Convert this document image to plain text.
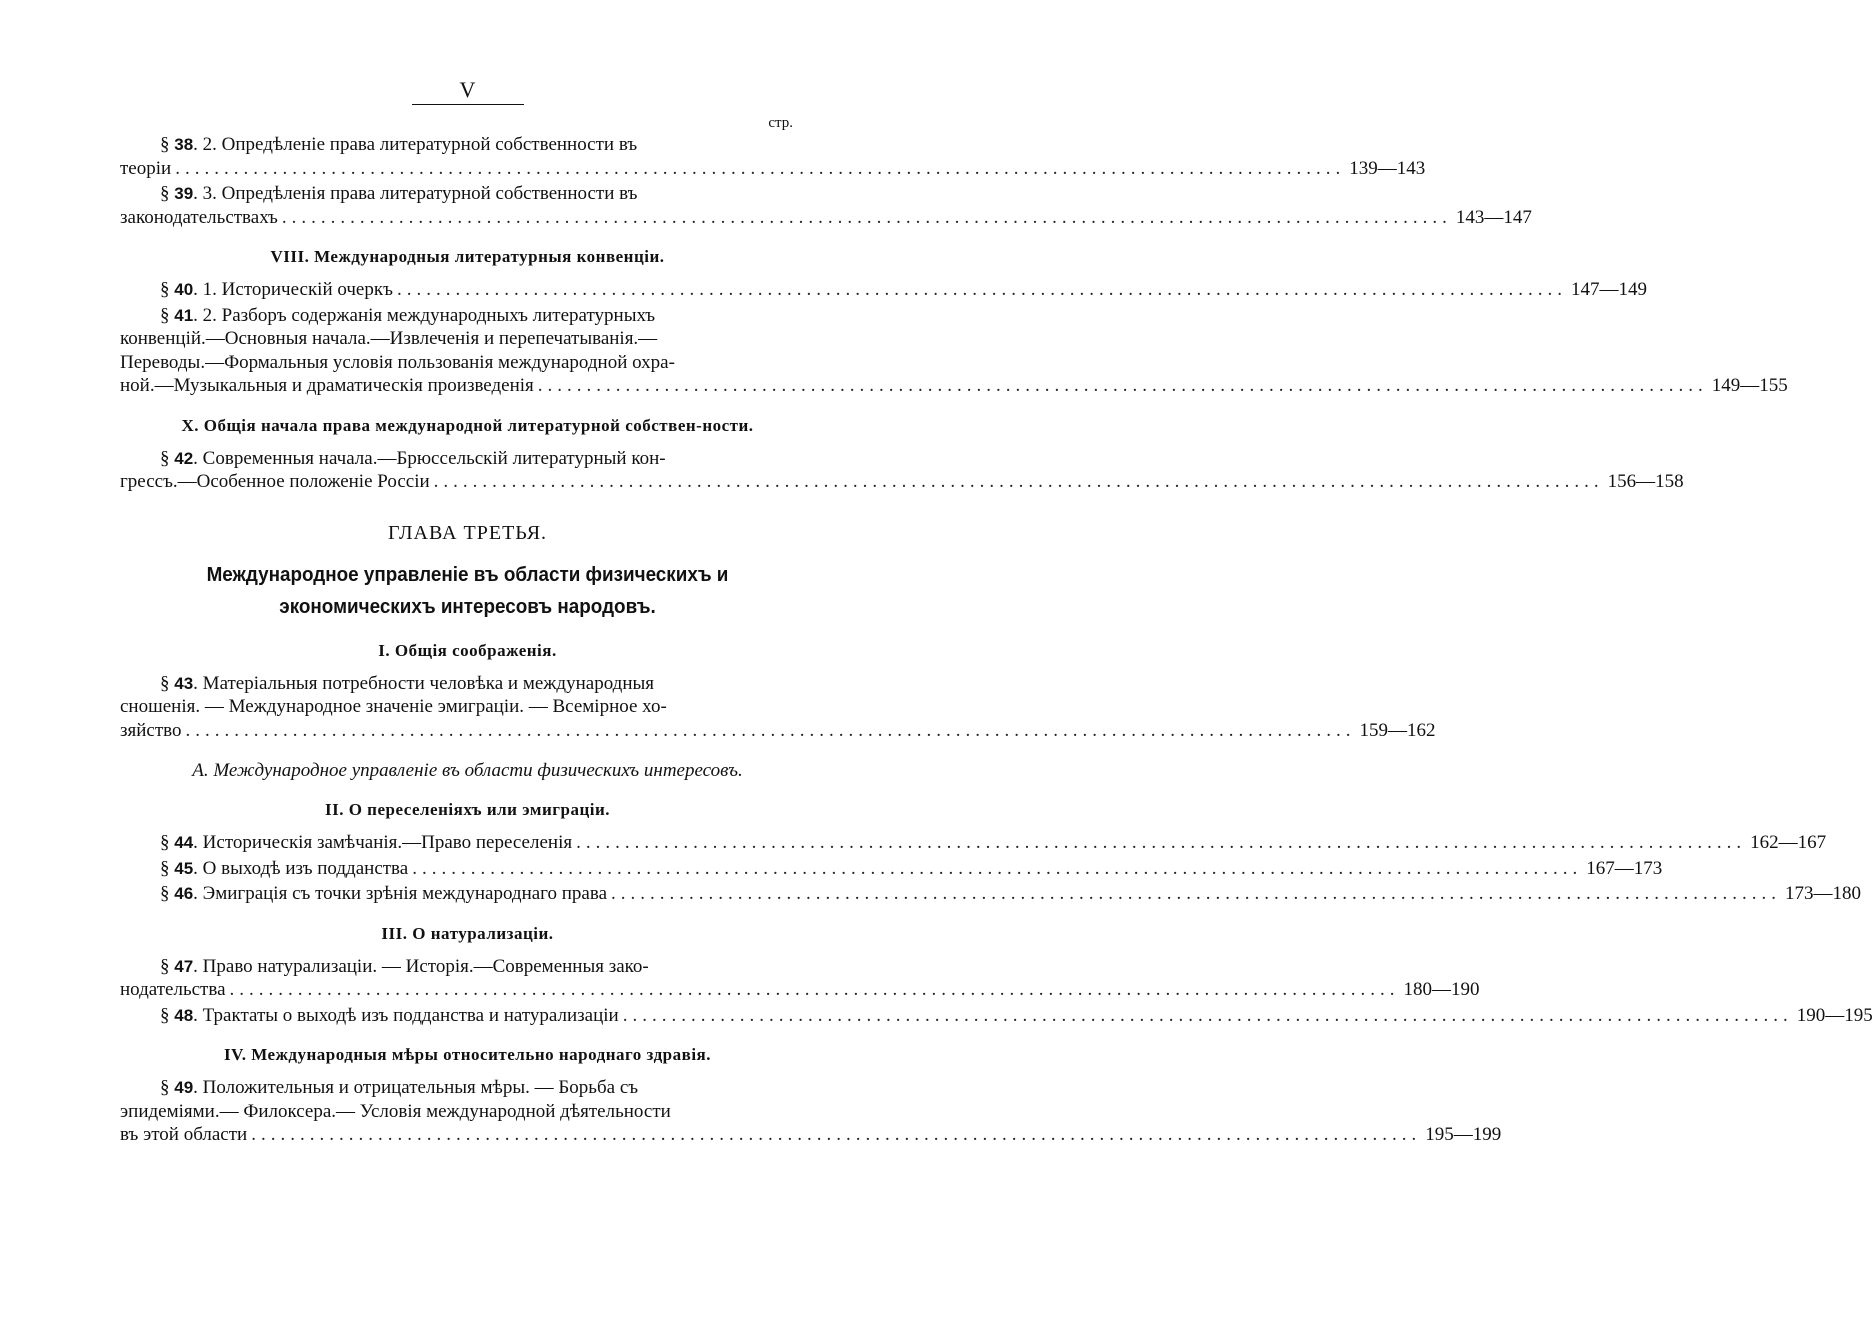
V
стр.
§ 38. 2. Опредѣленіе права литературной собственности въ
теоріи ........................................................................................................................ 139—143
§ 39. 3. Опредѣленія права литературной собственности въ
законодательствахъ ........................................................................................................................ 143—147
VIII. Международныя литературныя конвенціи.
§ 40. 1. Историческій очеркъ ........................................................................................................................ 147—149
§ 41. 2. Разборъ содержанія международныхъ литературныхъ
конвенцій.—Основныя начала.—Извлеченія и перепечатыванія.—
Переводы.—Формальныя условія пользованія международной охра-
ной.—Музыкальныя и драматическія произведенія ........................................................................................................................ 149—155
X. Общія начала права международной литературной собствен-ности.
§ 42. Современныя начала.—Брюссельскій литературный кон-
грессъ.—Особенное положеніе Россіи ........................................................................................................................ 156—158
ГЛАВА ТРЕТЬЯ.
Международное управленіе въ области физическихъ и экономическихъ интересовъ народовъ.
I. Общія соображенія.
§ 43. Матеріальныя потребности человѣка и международныя
сношенія. — Международное значеніе эмиграціи. — Всемірное хо-
зяйство ........................................................................................................................ 159—162
А. Международное управленіе въ области физическихъ интересовъ.
II. О переселеніяхъ или эмиграціи.
§ 44. Историческія замѣчанія.—Право переселенія ........................................................................................................................ 162—167
§ 45. О выходѣ изъ подданства ........................................................................................................................ 167—173
§ 46. Эмиграція съ точки зрѣнія международнаго права ........................................................................................................................ 173—180
III. О натурализаціи.
§ 47. Право натурализаціи. — Исторія.—Современныя зако-
нодательства ........................................................................................................................ 180—190
§ 48. Трактаты о выходѣ изъ подданства и натурализаціи ........................................................................................................................ 190—195
IV. Международныя мѣры относительно народнаго здравія.
§ 49. Положительныя и отрицательныя мѣры. — Борьба съ
эпидеміями.— Филоксера.— Условія международной дѣятельности
въ этой области ........................................................................................................................ 195—199
